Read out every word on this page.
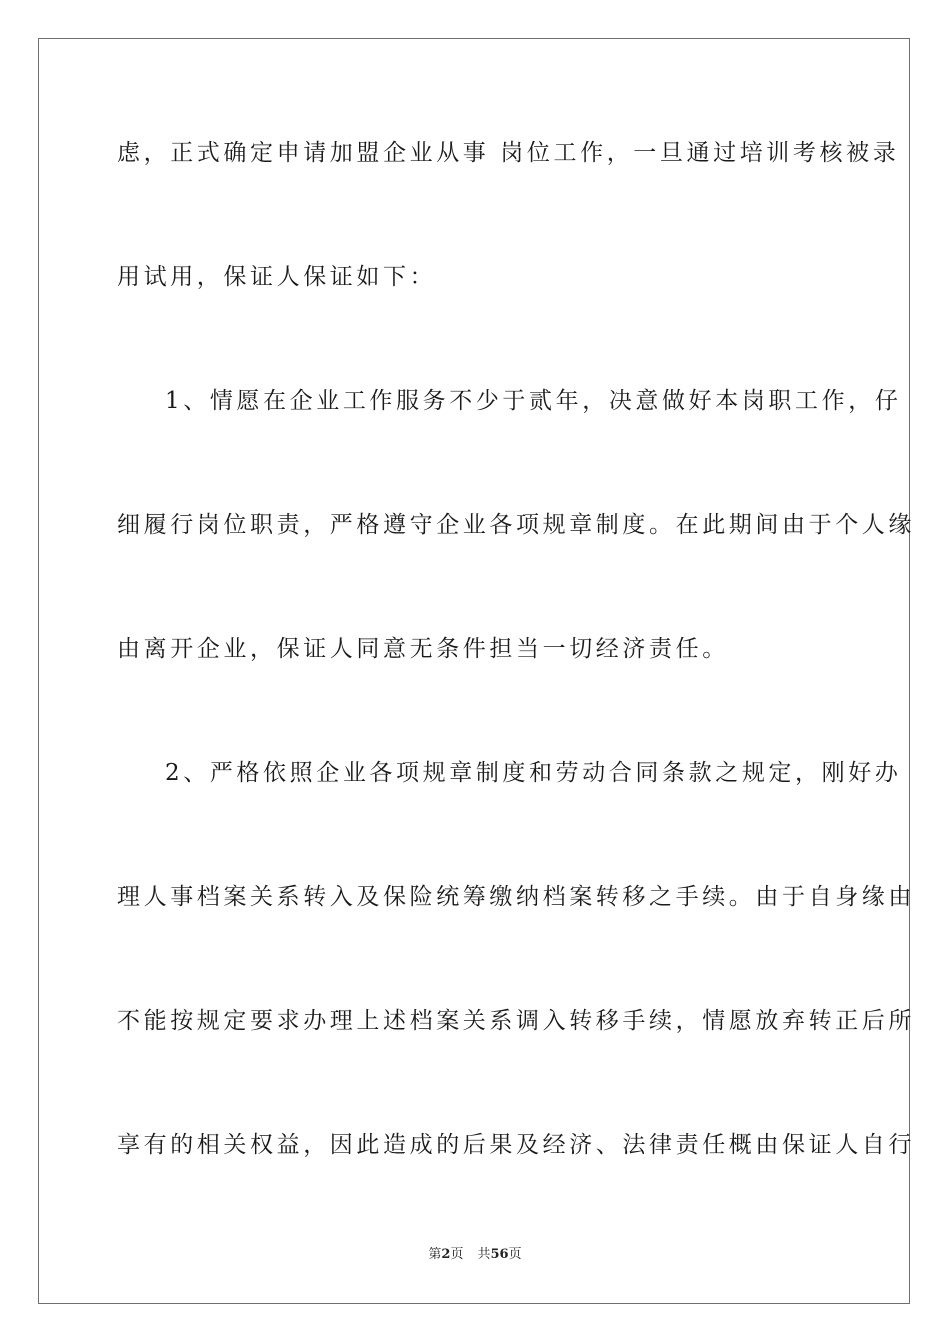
虑，正式确定申请加盟企业从事 岗位工作，一旦通过培训考核被录
用试用，保证人保证如下：
1、情愿在企业工作服务不少于贰年，决意做好本岗职工作，仔
细履行岗位职责，严格遵守企业各项规章制度。在此期间由于个人缘
由离开企业，保证人同意无条件担当一切经济责任。
2、严格依照企业各项规章制度和劳动合同条款之规定，刚好办
理人事档案关系转入及保险统筹缴纳档案转移之手续。由于自身缘由
不能按规定要求办理上述档案关系调入转移手续，情愿放弃转正后所
享有的相关权益，因此造成的后果及经济、法律责任概由保证人自行
第2页 共56页
